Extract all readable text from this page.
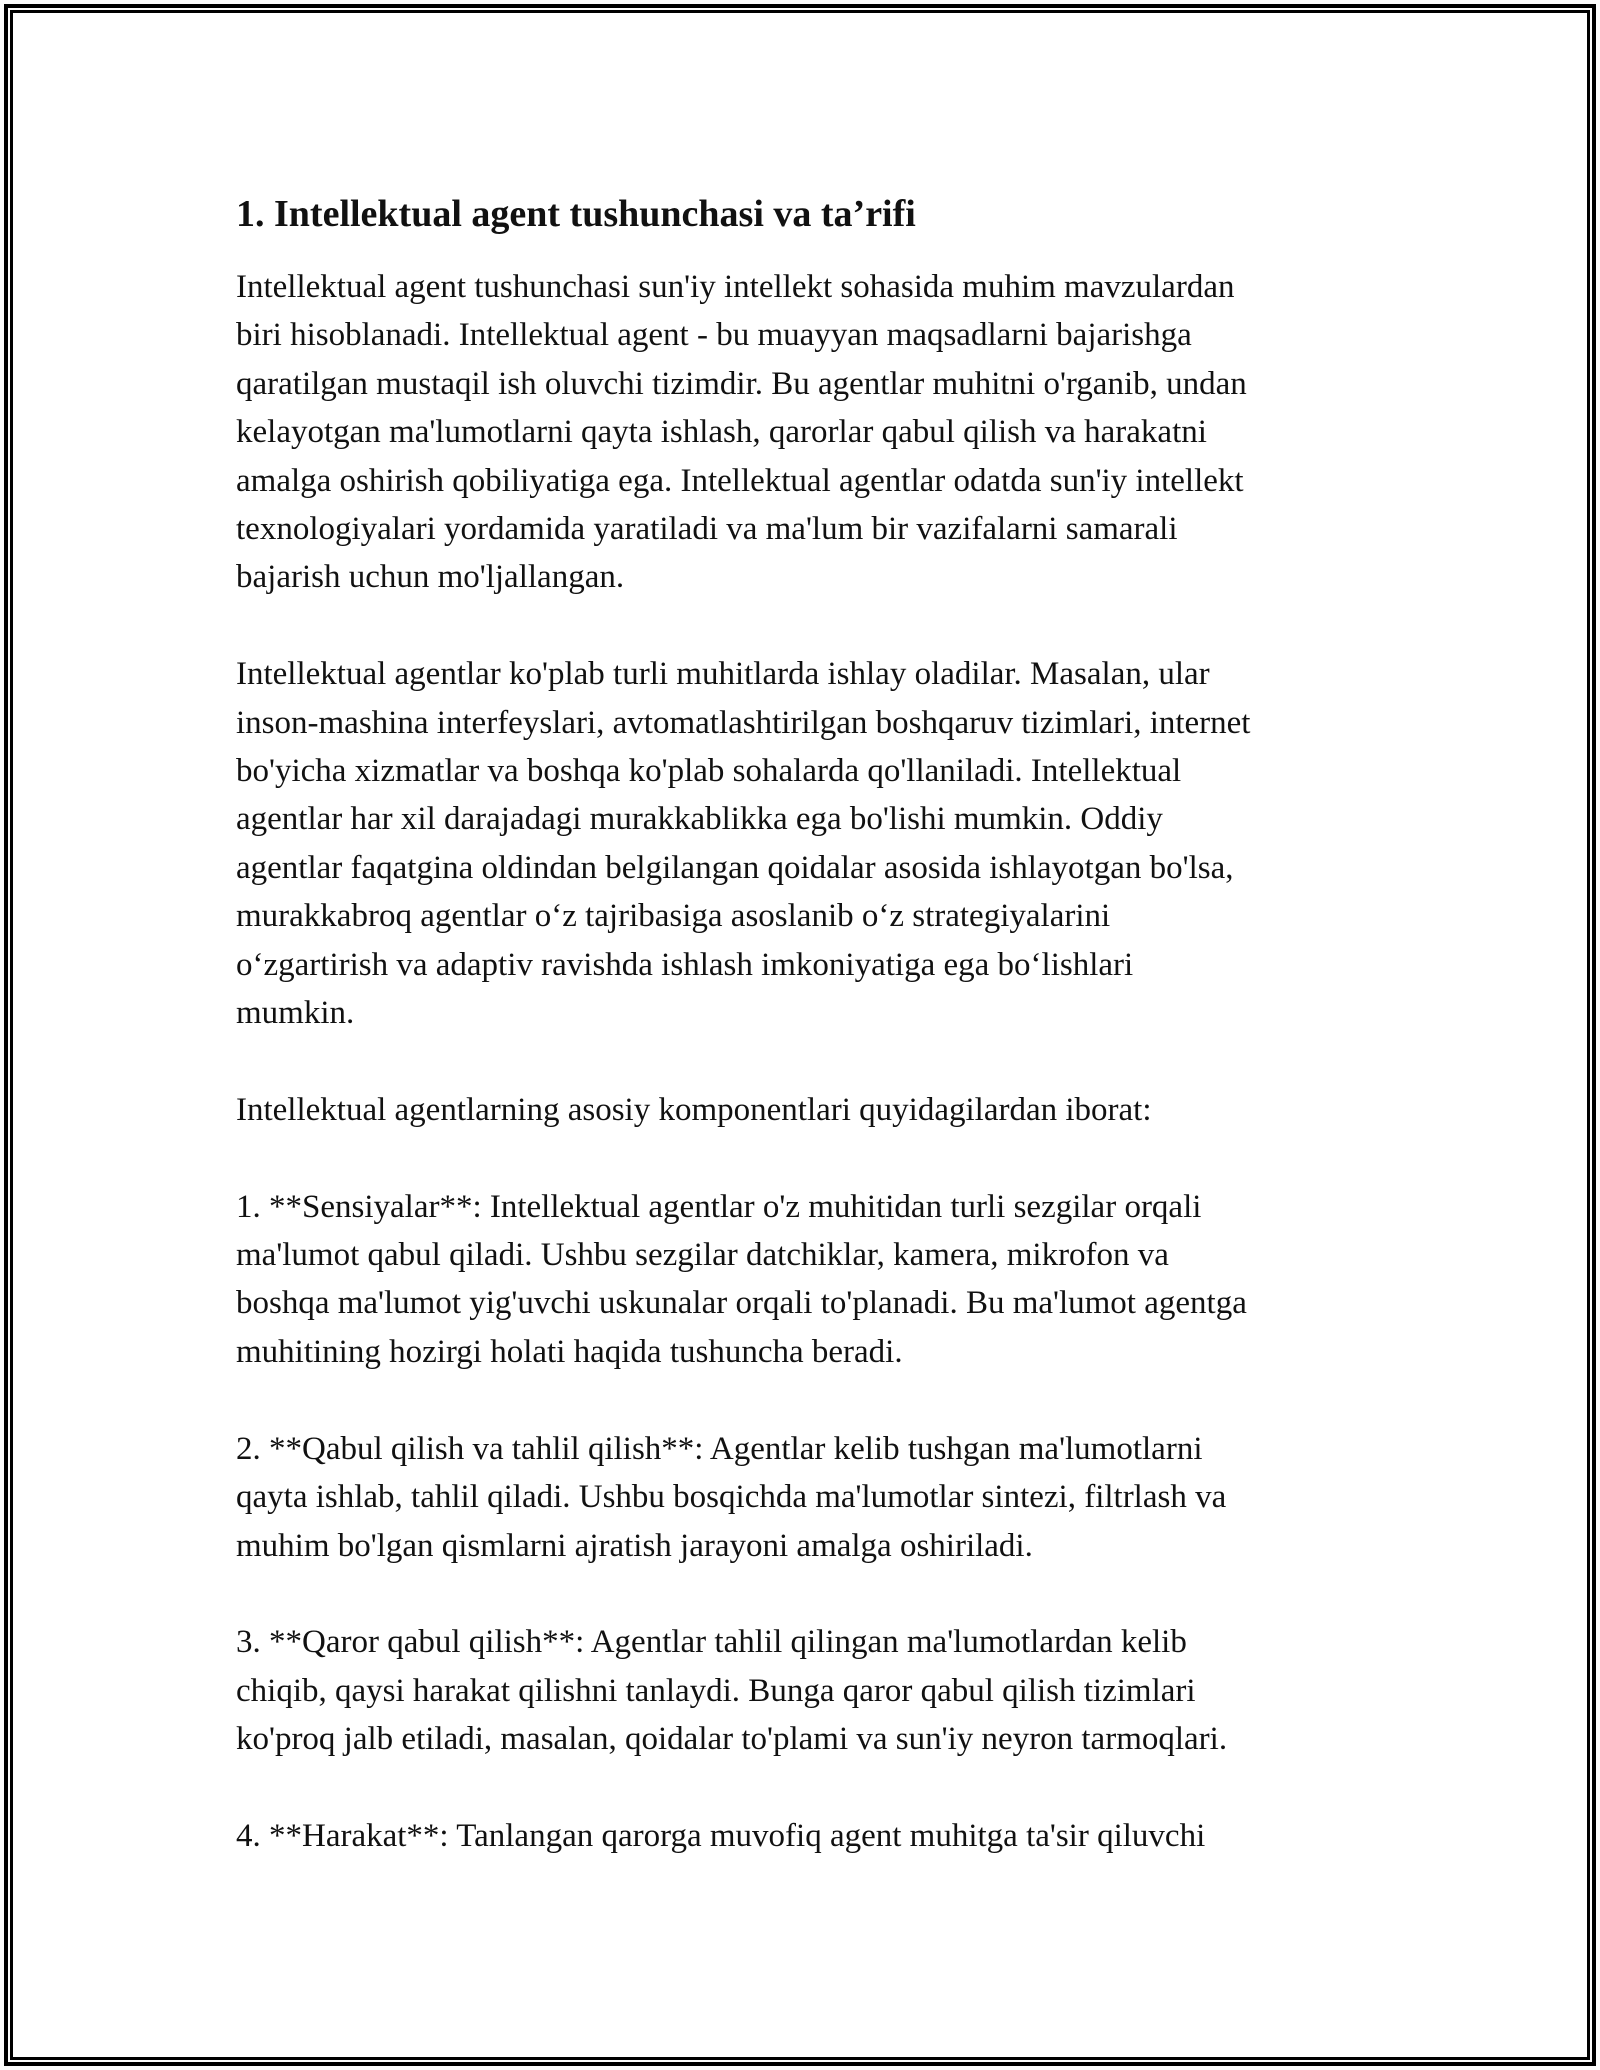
1. Intellektual agent tushunchasi va ta’rifi

Intellektual agent tushunchasi sun'iy intellekt sohasida muhim mavzulardan
biri hisoblanadi. Intellektual agent - bu muayyan maqsadlarni bajarishga
qaratilgan mustaqil ish oluvchi tizimdir. Bu agentlar muhitni o'rganib, undan
kelayotgan ma'lumotlarni qayta ishlash, qarorlar qabul qilish va harakatni
amalga oshirish qobiliyatiga ega. Intellektual agentlar odatda sun'iy intellekt
texnologiyalari yordamida yaratiladi va ma'lum bir vazifalarni samarali
bajarish uchun mo'ljallangan.

Intellektual agentlar ko'plab turli muhitlarda ishlay oladilar. Masalan, ular
inson-mashina interfeyslari, avtomatlashtirilgan boshqaruv tizimlari, internet
bo'yicha xizmatlar va boshqa ko'plab sohalarda qo'llaniladi. Intellektual
agentlar har xil darajadagi murakkablikka ega bo'lishi mumkin. Oddiy
agentlar faqatgina oldindan belgilangan qoidalar asosida ishlayotgan bo'lsa,
murakkabroq agentlar o‘z tajribasiga asoslanib o‘z strategiyalarini
o‘zgartirish va adaptiv ravishda ishlash imkoniyatiga ega bo‘lishlari
mumkin.

Intellektual agentlarning asosiy komponentlari quyidagilardan iborat:

1. **Sensiyalar**: Intellektual agentlar o'z muhitidan turli sezgilar orqali
ma'lumot qabul qiladi. Ushbu sezgilar datchiklar, kamera, mikrofon va
boshqa ma'lumot yig'uvchi uskunalar orqali to'planadi. Bu ma'lumot agentga
muhitining hozirgi holati haqida tushuncha beradi.

2. **Qabul qilish va tahlil qilish**: Agentlar kelib tushgan ma'lumotlarni
qayta ishlab, tahlil qiladi. Ushbu bosqichda ma'lumotlar sintezi, filtrlash va
muhim bo'lgan qismlarni ajratish jarayoni amalga oshiriladi.

3. **Qaror qabul qilish**: Agentlar tahlil qilingan ma'lumotlardan kelib
chiqib, qaysi harakat qilishni tanlaydi. Bunga qaror qabul qilish tizimlari
ko'proq jalb etiladi, masalan, qoidalar to'plami va sun'iy neyron tarmoqlari.

4. **Harakat**: Tanlangan qarorga muvofiq agent muhitga ta'sir qiluvchi
